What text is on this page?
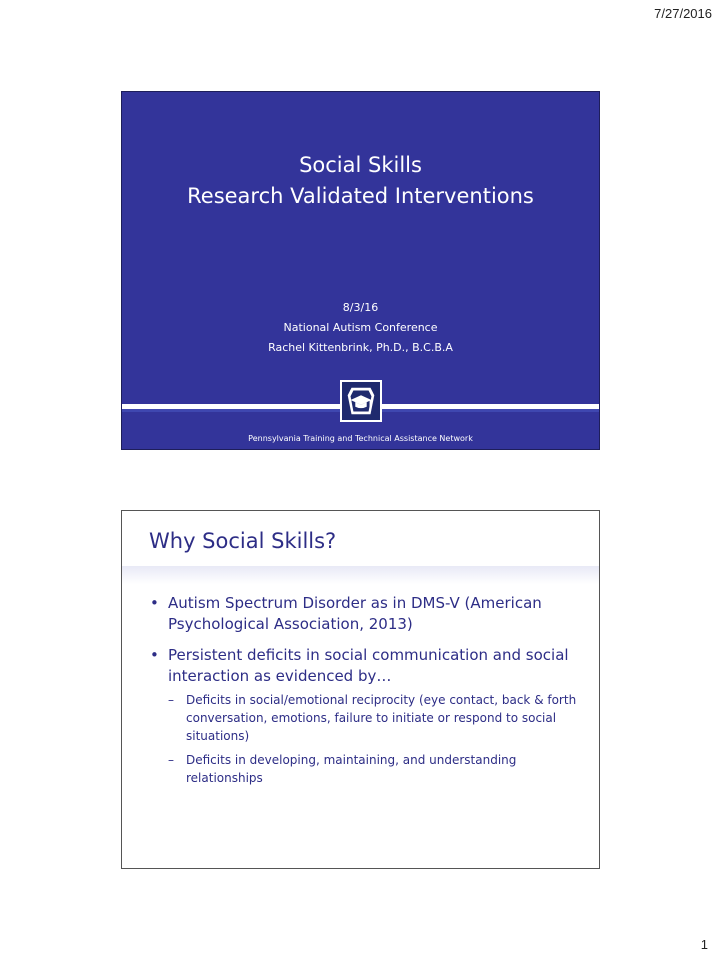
7/27/2016
Social Skills
Research Validated Interventions
8/3/16
National Autism Conference
Rachel Kittenbrink, Ph.D., B.C.B.A
Pennsylvania Training and Technical Assistance Network
Why Social Skills?
• Autism Spectrum Disorder as in DMS-V (American Psychological Association, 2013)
• Persistent deficits in social communication and social interaction as evidenced by…
– Deficits in social/emotional reciprocity (eye contact, back & forth conversation, emotions, failure to initiate or respond to social situations)
– Deficits in developing, maintaining, and understanding relationships
1
